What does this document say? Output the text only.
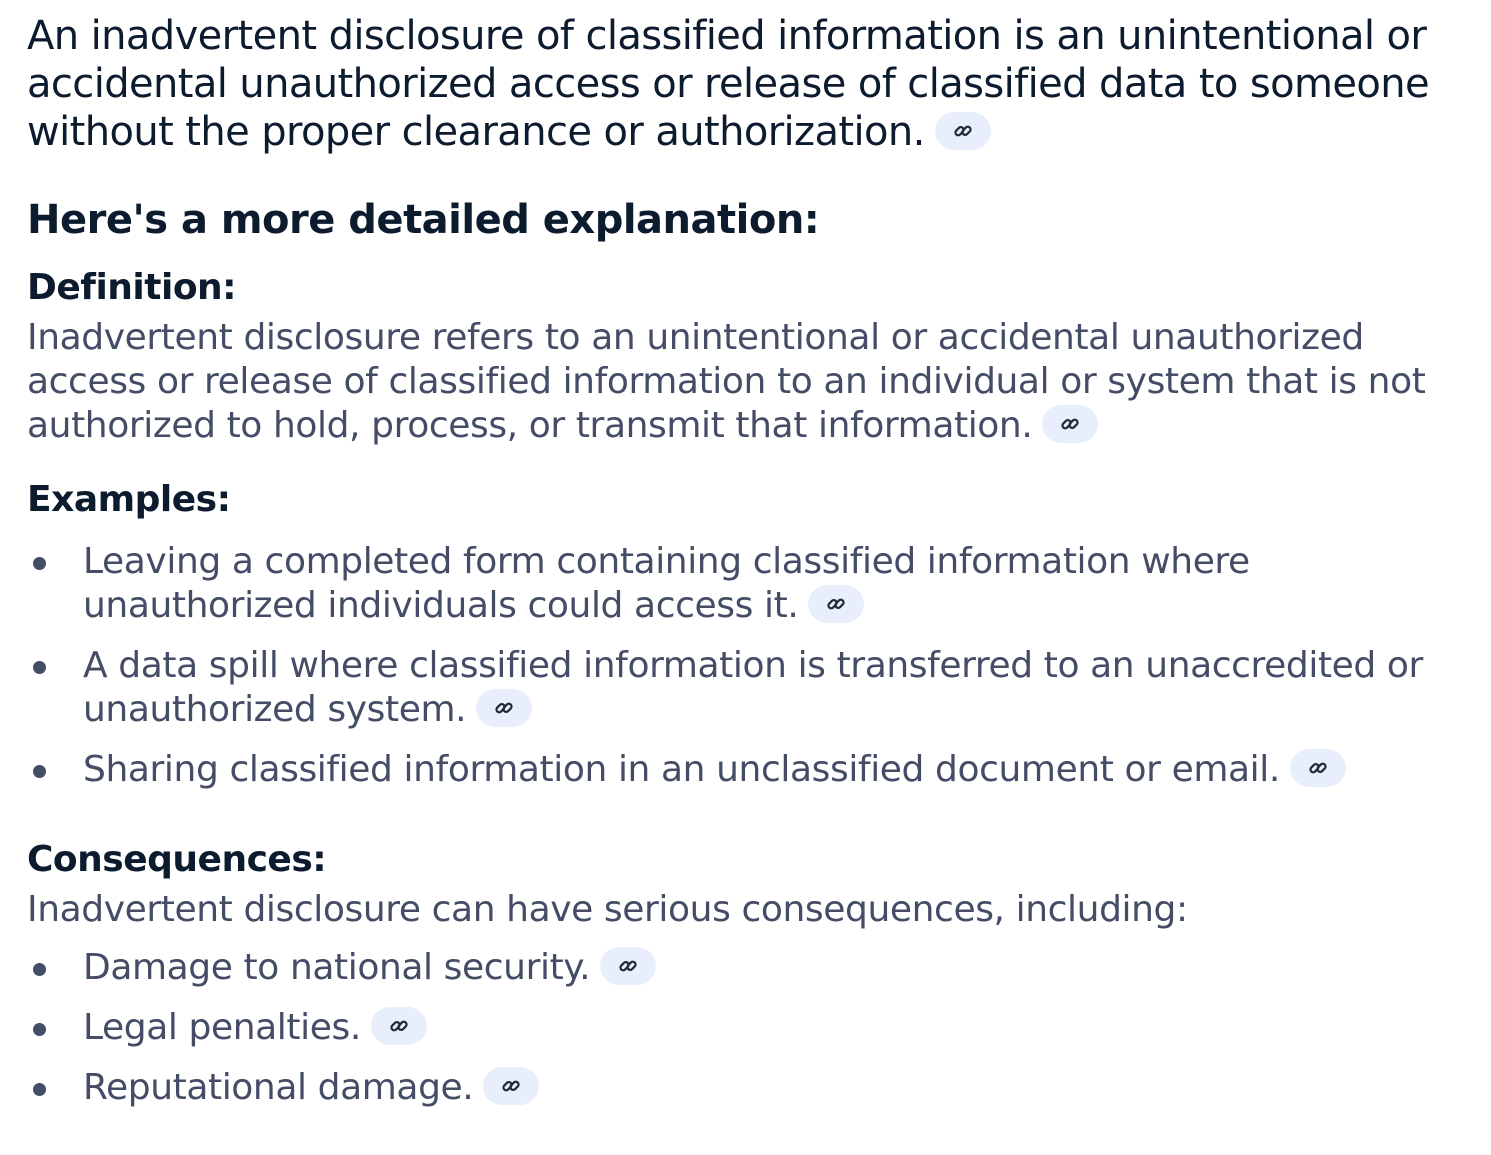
An inadvertent disclosure of classified information is an unintentional or accidental unauthorized access or release of classified data to someone without the proper clearance or authorization.

Here's a more detailed explanation:
Definition:

Inadvertent disclosure refers to an unintentional or accidental unauthorized access or release of classified information to an individual or system that is not authorized to hold, process, or transmit that information.

Examples:
Leaving a completed form containing classified information where unauthorized individuals could access it.
A data spill where classified information is transferred to an unaccredited or unauthorized system.
Sharing classified information in an unclassified document or email.
Consequences:

Inadvertent disclosure can have serious consequences, including:

Damage to national security.
Legal penalties.
Reputational damage.
